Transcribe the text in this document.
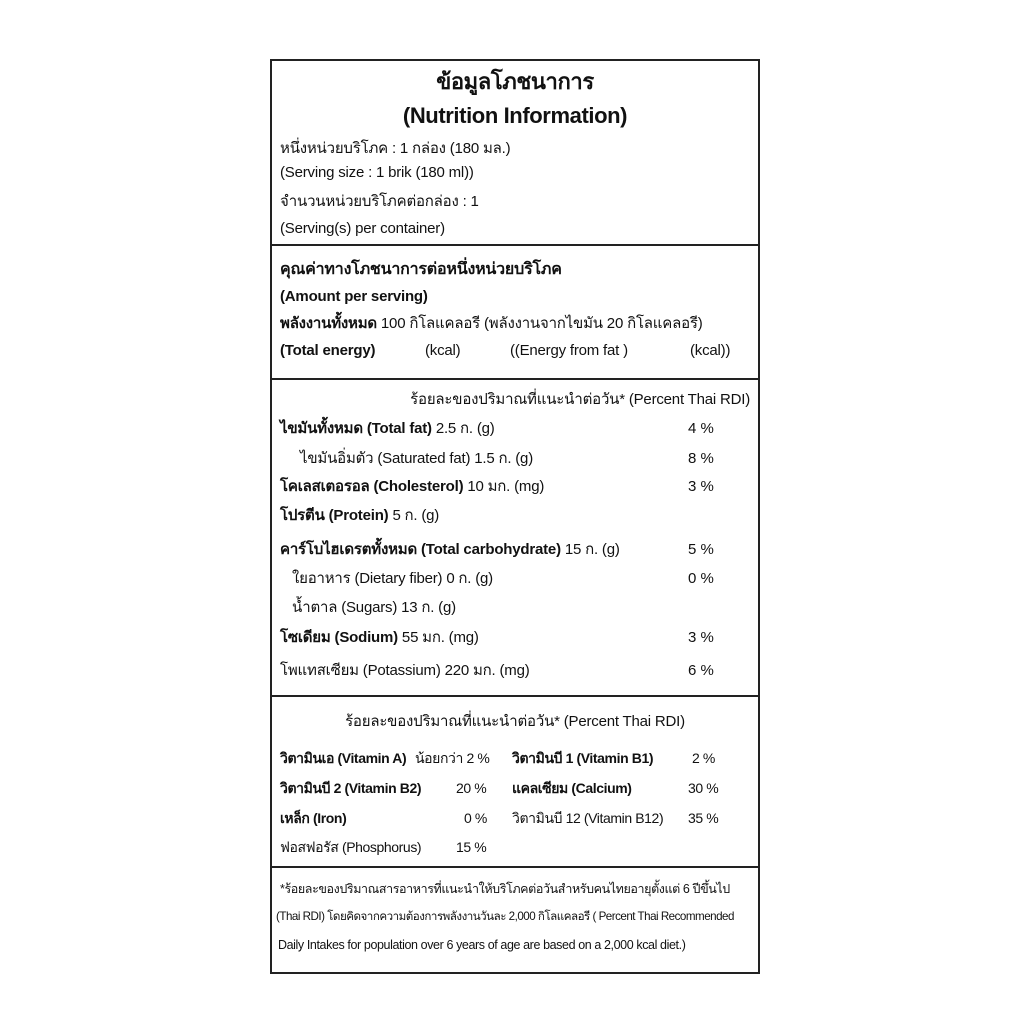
ข้อมูลโภชนาการ
(Nutrition Information)
หนึ่งหน่วยบริโภค : 1 กล่อง (180 มล.)
(Serving size : 1 brik (180 ml))
จำนวนหน่วยบริโภคต่อกล่อง : 1
(Serving(s) per container)
คุณค่าทางโภชนาการต่อหนึ่งหน่วยบริโภค
(Amount per serving)
พลังงานทั้งหมด 100 กิโลแคลอรี (พลังงานจากไขมัน 20 กิโลแคลอรี)
(Total energy)	(kcal)	((Energy from fat )	(kcal))
ร้อยละของปริมาณที่แนะนำต่อวัน* (Percent Thai RDI)
ไขมันทั้งหมด (Total fat) 2.5 ก. (g)	4 %
ไขมันอิ่มตัว (Saturated fat) 1.5 ก. (g)	8 %
โคเลสเตอรอล (Cholesterol) 10 มก. (mg)	3 %
โปรตีน (Protein) 5 ก. (g)
คาร์โบไฮเดรตทั้งหมด (Total carbohydrate) 15 ก. (g)	5 %
ใยอาหาร (Dietary fiber) 0 ก. (g)	0 %
น้ำตาล (Sugars) 13 ก. (g)
โซเดียม (Sodium) 55 มก. (mg)	3 %
โพแทสเซียม (Potassium) 220 มก. (mg)	6 %
ร้อยละของปริมาณที่แนะนำต่อวัน* (Percent Thai RDI)
วิตามินเอ (Vitamin A) น้อยกว่า 2 % วิตามินบี 1 (Vitamin B1)	2 %
วิตามินบี 2 (Vitamin B2) 20 % แคลเซียม (Calcium)	30 %
เหล็ก (Iron)	0 % วิตามินบี 12 (Vitamin B12) 35 %
ฟอสฟอรัส (Phosphorus) 15 %
*ร้อยละของปริมาณสารอาหารที่แนะนำให้บริโภคต่อวันสำหรับคนไทยอายุตั้งแต่ 6 ปีขึ้นไป
(Thai RDI) โดยคิดจากความต้องการพลังงานวันละ 2,000 กิโลแคลอรี ( Percent Thai Recommended
Daily Intakes for population over 6 years of age are based on a 2,000 kcal diet.)
